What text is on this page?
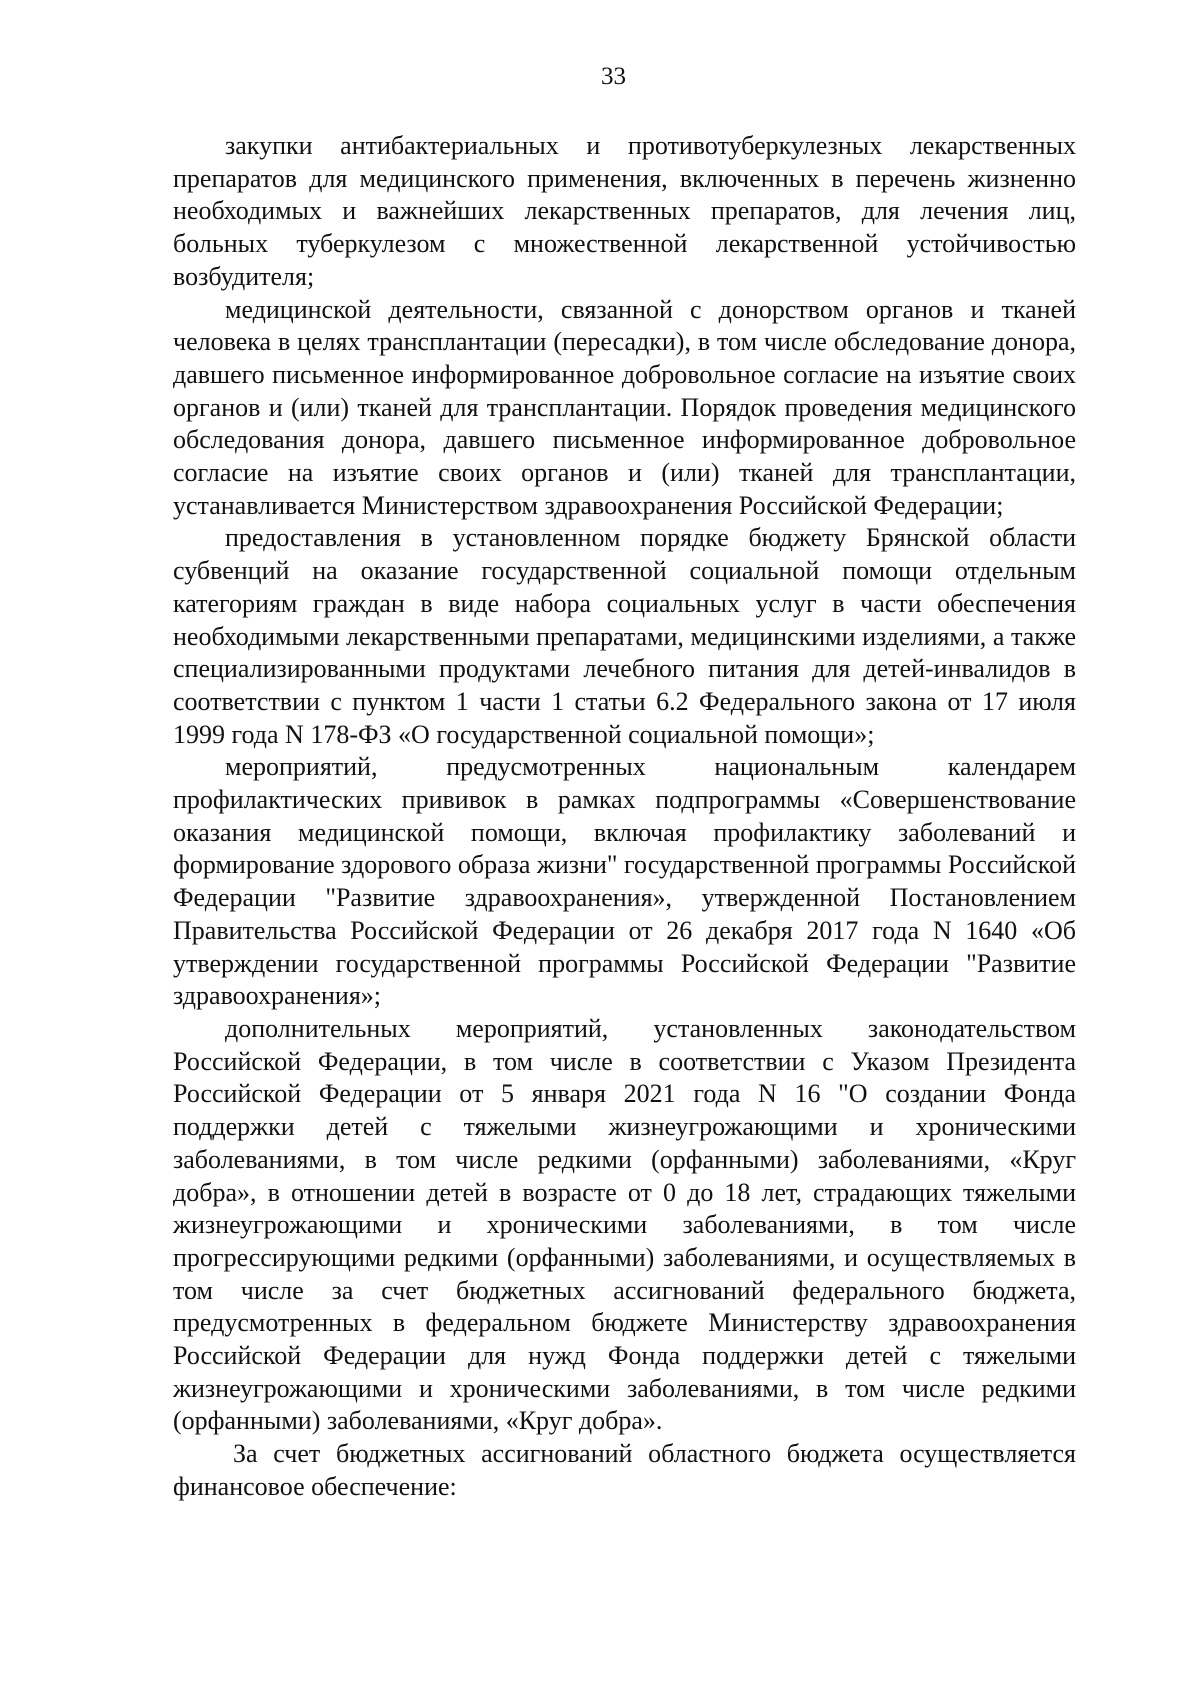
33

закупки антибактериальных и противотуберкулезных лекарственных препаратов для медицинского применения, включенных в перечень жизненно необходимых и важнейших лекарственных препаратов, для лечения лиц, больных туберкулезом с множественной лекарственной устойчивостью возбудителя;

медицинской деятельности, связанной с донорством органов и тканей человека в целях трансплантации (пересадки), в том числе обследование донора, давшего письменное информированное добровольное согласие на изъятие своих органов и (или) тканей для трансплантации. Порядок проведения медицинского обследования донора, давшего письменное информированное добровольное согласие на изъятие своих органов и (или) тканей для трансплантации, устанавливается Министерством здравоохранения Российской Федерации;

предоставления в установленном порядке бюджету Брянской области субвенций на оказание государственной социальной помощи отдельным категориям граждан в виде набора социальных услуг в части обеспечения необходимыми лекарственными препаратами, медицинскими изделиями, а также специализированными продуктами лечебного питания для детей-инвалидов в соответствии с пунктом 1 части 1 статьи 6.2 Федерального закона от 17 июля 1999 года N 178-ФЗ «О государственной социальной помощи»;

мероприятий, предусмотренных национальным календарем профилактических прививок в рамках подпрограммы «Совершенствование оказания медицинской помощи, включая профилактику заболеваний и формирование здорового образа жизни" государственной программы Российской Федерации "Развитие здравоохранения», утвержденной Постановлением Правительства Российской Федерации от 26 декабря 2017 года N 1640 «Об утверждении государственной программы Российской Федерации "Развитие здравоохранения»;

дополнительных мероприятий, установленных законодательством Российской Федерации, в том числе в соответствии с Указом Президента Российской Федерации от 5 января 2021 года N 16 "О создании Фонда поддержки детей с тяжелыми жизнеугрожающими и хроническими заболеваниями, в том числе редкими (орфанными) заболеваниями, «Круг добра», в отношении детей в возрасте от 0 до 18 лет, страдающих тяжелыми жизнеугрожающими и хроническими заболеваниями, в том числе прогрессирующими редкими (орфанными) заболеваниями, и осуществляемых в том числе за счет бюджетных ассигнований федерального бюджета, предусмотренных в федеральном бюджете Министерству здравоохранения Российской Федерации для нужд Фонда поддержки детей с тяжелыми жизнеугрожающими и хроническими заболеваниями, в том числе редкими (орфанными) заболеваниями, «Круг добра».

За счет бюджетных ассигнований областного бюджета осуществляется финансовое обеспечение:
